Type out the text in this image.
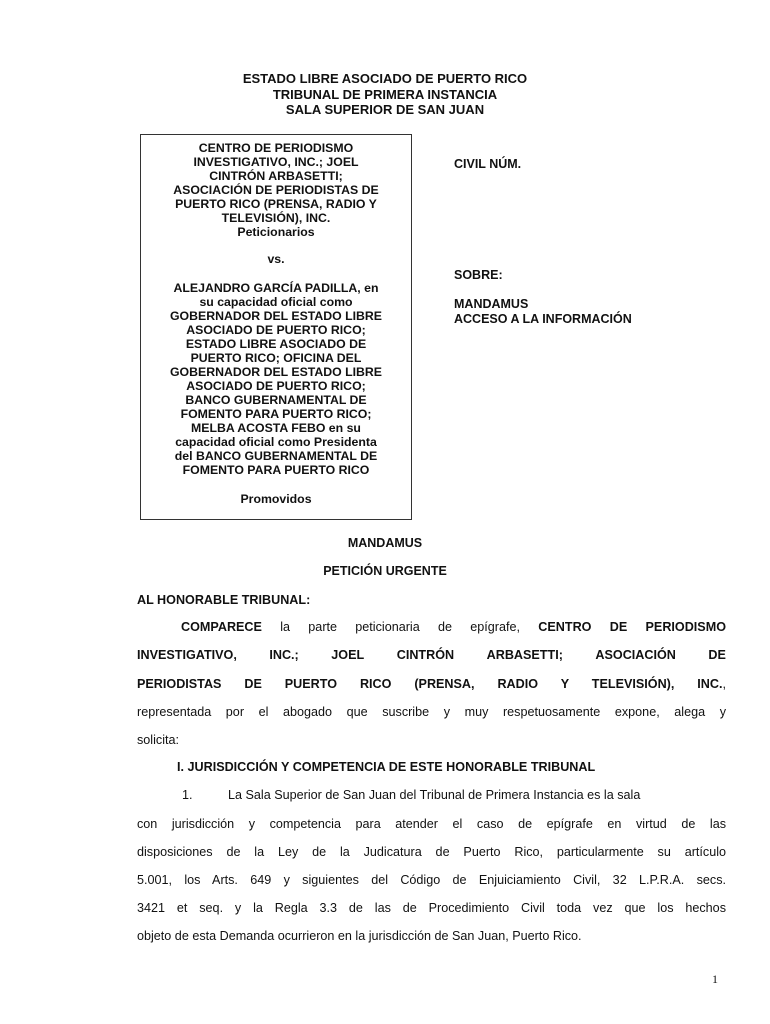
ESTADO LIBRE ASOCIADO DE PUERTO RICO
TRIBUNAL DE PRIMERA INSTANCIA
SALA SUPERIOR DE SAN JUAN
CENTRO DE PERIODISMO
INVESTIGATIVO, INC.; JOEL
CINTRÓN ARBASETTI;
ASOCIACIÓN DE PERIODISTAS DE
PUERTO RICO (PRENSA, RADIO Y
TELEVISIÓN), INC.
Peticionarios
vs.
ALEJANDRO GARCÍA PADILLA, en
su capacidad oficial como
GOBERNADOR DEL ESTADO LIBRE
ASOCIADO DE PUERTO RICO;
ESTADO LIBRE ASOCIADO DE
PUERTO RICO; OFICINA DEL
GOBERNADOR DEL ESTADO LIBRE
ASOCIADO DE PUERTO RICO;
BANCO GUBERNAMENTAL DE
FOMENTO PARA PUERTO RICO;
MELBA ACOSTA FEBO en su
capacidad oficial como Presidenta
del BANCO GUBERNAMENTAL DE
FOMENTO PARA PUERTO RICO
Promovidos
CIVIL NÚM.
SOBRE:
MANDAMUS
ACCESO A LA INFORMACIÓN
MANDAMUS
PETICIÓN URGENTE
AL HONORABLE TRIBUNAL:
COMPARECE la parte peticionaria de epígrafe, CENTRO DE PERIODISMO
INVESTIGATIVO,	INC.;	JOEL	CINTRÓN	ARBASETTI;	ASOCIACIÓN	DE
PERIODISTAS DE PUERTO RICO (PRENSA, RADIO Y TELEVISIÓN), INC.,
representada por el abogado que suscribe y muy respetuosamente expone, alega y
solicita:
I. JURISDICCIÓN Y COMPETENCIA DE ESTE HONORABLE TRIBUNAL
1.	La Sala Superior de San Juan del Tribunal de Primera Instancia es la sala
con jurisdicción y competencia para atender el caso de epígrafe en virtud de las
disposiciones de la Ley de la Judicatura de Puerto Rico, particularmente su artículo
5.001, los Arts. 649 y siguientes del Código de Enjuiciamiento Civil, 32 L.P.R.A. secs.
3421 et seq. y la Regla 3.3 de las de Procedimiento Civil toda vez que los hechos
objeto de esta Demanda ocurrieron en la jurisdicción de San Juan, Puerto Rico.
1
